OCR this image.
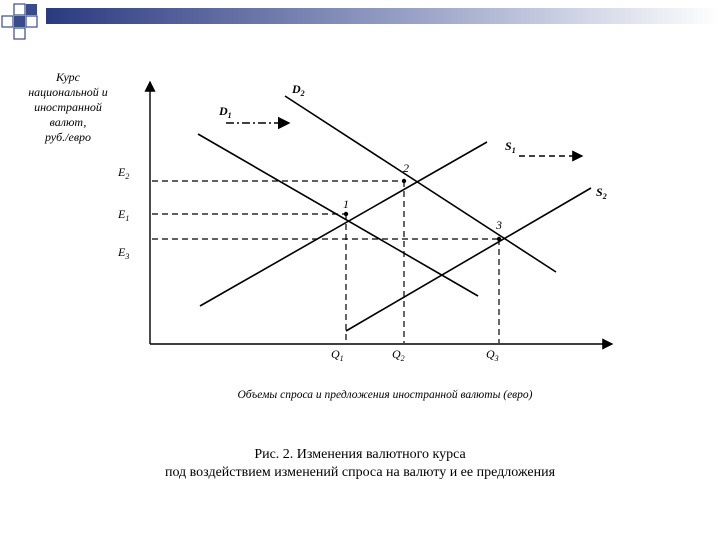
Курс
национальной и
иностранной
валют,
руб./евро
$D_2$
$D_1$
$S_1$
$S_2$
1
2
3
$E_2$
$E_1$
$E_3$
$Q_1$	$Q_2$	$Q_3$
Объемы спроса и предложения иностранной валюты (евро)
Рис. 2. Изменения валютного курса
под воздействием изменений спроса на валюту и ее предложения
